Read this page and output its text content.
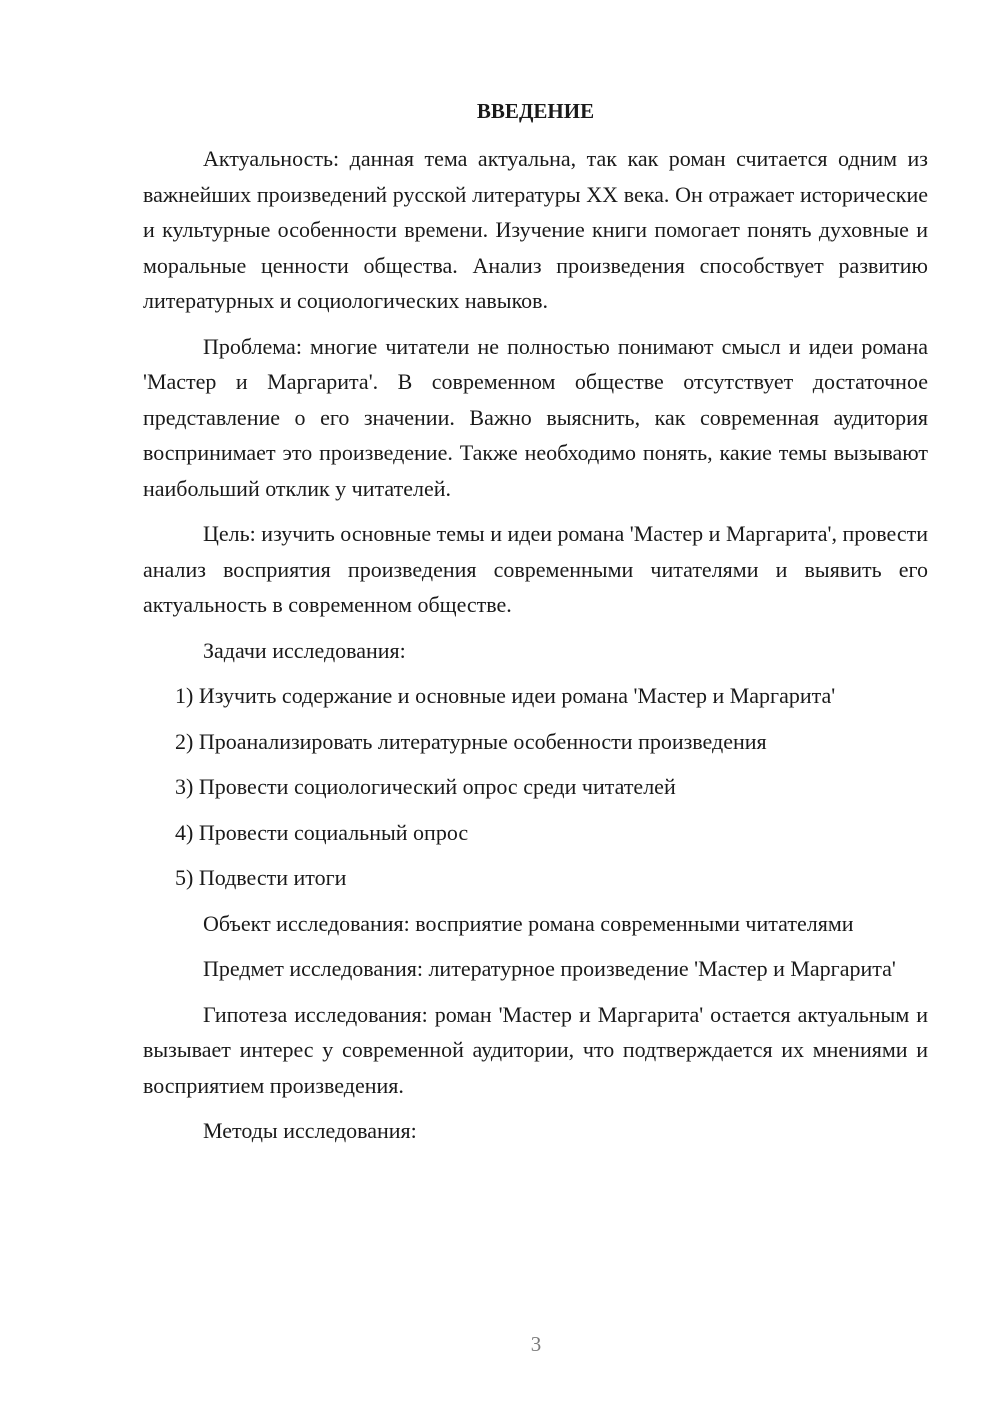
ВВЕДЕНИЕ

Актуальность: данная тема актуальна, так как роман считается одним из важнейших произведений русской литературы XX века. Он отражает исторические и культурные особенности времени. Изучение книги помогает понять духовные и моральные ценности общества. Анализ произведения способствует развитию литературных и социологических навыков.

Проблема: многие читатели не полностью понимают смысл и идеи романа 'Мастер и Маргарита'. В современном обществе отсутствует достаточное представление о его значении. Важно выяснить, как современная аудитория воспринимает это произведение. Также необходимо понять, какие темы вызывают наибольший отклик у читателей.

Цель: изучить основные темы и идеи романа 'Мастер и Маргарита', провести анализ восприятия произведения современными читателями и выявить его актуальность в современном обществе.

Задачи исследования:

1) Изучить содержание и основные идеи романа 'Мастер и Маргарита'
2) Проанализировать литературные особенности произведения
3) Провести социологический опрос среди читателей
4) Провести социальный опрос
5) Подвести итоги

Объект исследования: восприятие романа современными читателями

Предмет исследования: литературное произведение 'Мастер и Маргарита'

Гипотеза исследования: роман 'Мастер и Маргарита' остается актуальным и вызывает интерес у современной аудитории, что подтверждается их мнениями и восприятием произведения.

Методы исследования:

3
